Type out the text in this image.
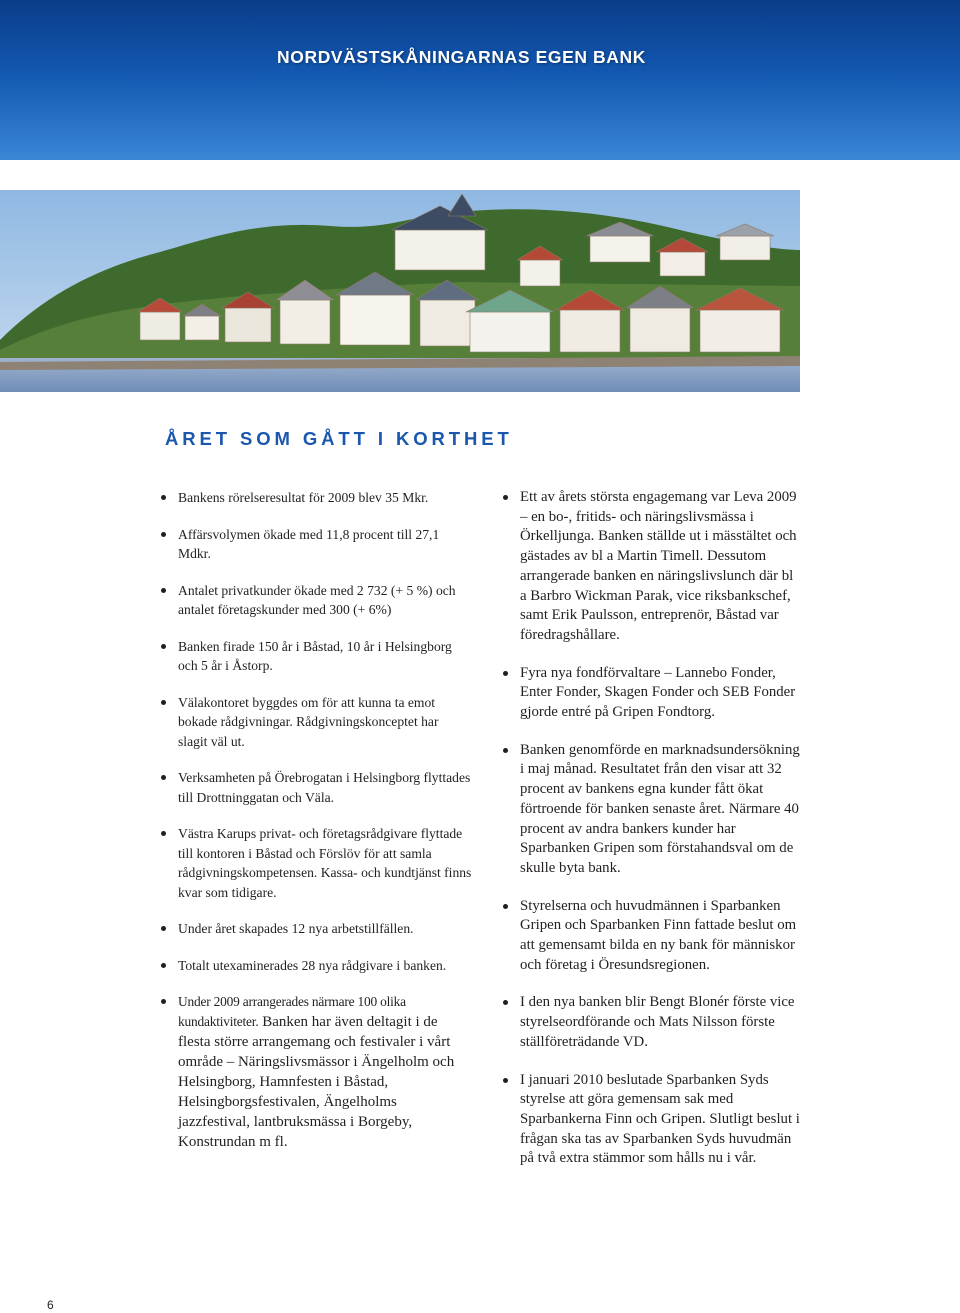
NORDVÄSTSKÅNINGARNAS EGEN BANK
ÅRET SOM GÅTT I KORTHET
Bankens rörelseresultat för 2009 blev 35 Mkr.
Affärsvolymen ökade med 11,8 procent till 27,1 Mdkr.
Antalet privatkunder ökade med 2 732 (+ 5 %) och antalet företagskunder med 300 (+ 6%)
Banken firade 150 år i Båstad, 10 år i Helsingborg och 5 år i Åstorp.
Välakontoret byggdes om för att kunna ta emot bokade rådgivningar. Rådgivningskonceptet har slagit väl ut.
Verksamheten på Örebrogatan i Helsingborg flyttades till Drottninggatan och Väla.
Västra Karups privat- och företagsrådgivare flyttade till kontoren i Båstad och Förslöv för att samla rådgivningskompetensen. Kassa- och kundtjänst finns kvar som tidigare.
Under året skapades 12 nya arbetstillfällen.
Totalt utexaminerades 28 nya rådgivare i banken.
Under 2009 arrangerades närmare 100 olika kundaktiviteter. Banken har även deltagit i de flesta större arrangemang och festivaler i vårt område – Näringslivsmässor i Ängelholm och Helsingborg, Hamnfesten i Båstad, Helsingborgsfestivalen, Ängelholms jazzfestival, lantbruksmässa i Borgeby, Konstrundan m fl.
Ett av årets största engagemang var Leva 2009 – en bo-, fritids- och näringslivsmässa i Örkelljunga. Banken ställde ut i mässtältet och gästades av bl a Martin Timell. Dessutom arrangerade banken en näringslivslunch där bl a Barbro Wickman Parak, vice riksbankschef, samt Erik Paulsson, entreprenör, Båstad var föredragshållare.
Fyra nya fondförvaltare – Lannebo Fonder, Enter Fonder, Skagen Fonder och SEB Fonder gjorde entré på Gripen Fondtorg.
Banken genomförde en marknadsundersökning i maj månad. Resultatet från den visar att 32 procent av bankens egna kunder fått ökat förtroende för banken senaste året. Närmare 40 procent av andra bankers kunder har Sparbanken Gripen som förstahandsval om de skulle byta bank.
Styrelserna och huvudmännen i Sparbanken Gripen och Sparbanken Finn fattade beslut om att gemensamt bilda en ny bank för människor och företag i Öresundsregionen.
I den nya banken blir Bengt Blonér förste vice styrelseordförande och Mats Nilsson förste ställföreträdande VD.
I januari 2010 beslutade Sparbanken Syds styrelse att göra gemensam sak med Sparbankerna Finn och Gripen. Slutligt beslut i frågan ska tas av Sparbanken Syds huvudmän på två extra stämmor som hålls nu i vår.

6
